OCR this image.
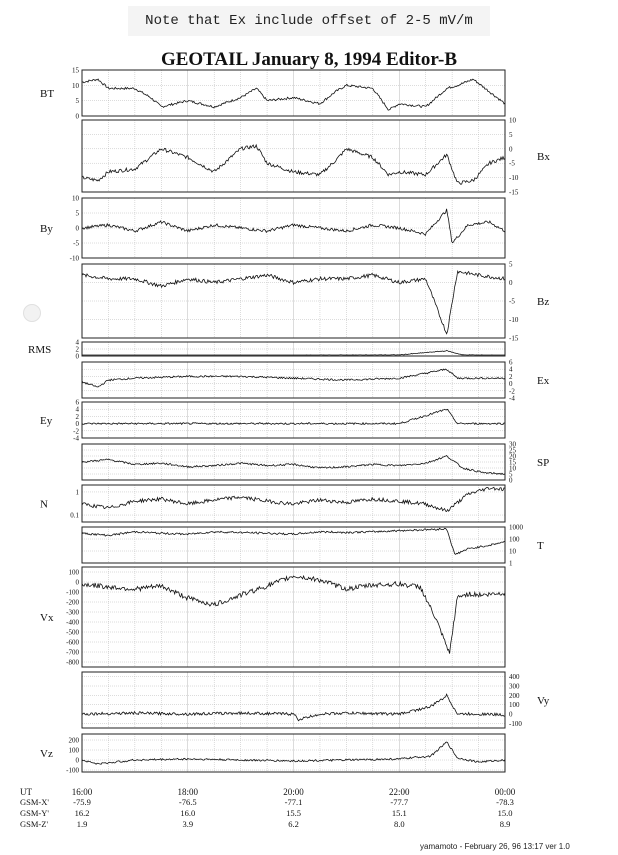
Note that Ex include offset of 2-5 mV/m
GEOTAIL January 8, 1994 Editor-B
15
10
5
0
BT
10
5
0
-5
-10
-15
Bx
10
5
0
-5
-10
By
5
0
-5
-10
-15
Bz
4
2
0
RMS
6
4
2
0
-2
-4
Ex
6
4
2
0
-2
-4
Ey
30
25
20
15
10
5
0
SP
1
0.1
N
1000
100
10
1
T
100
0
-100
-200
-300
-400
-500
-600
-700
-800
Vx
400
300
200
100
0
-100
Vy
200
100
0
-100
Vz
UT	16:00	18:00	20:00	22:00	00:00
GSM-X'	-75.9	-76.5	-77.1	-77.7	-78.3
GSM-Y'	16.2	16.0	15.5	15.1	15.0
GSM-Z'	1.9	3.9	6.2	8.0	8.9
yamamoto - February 26, 96 13:17 ver 1.0
